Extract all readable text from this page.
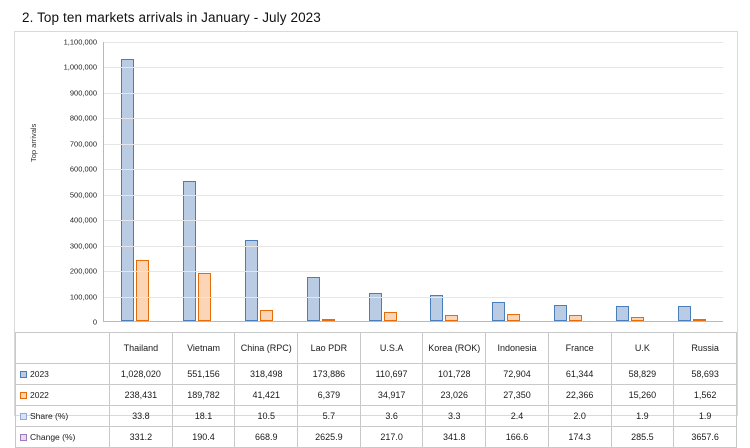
2. Top ten markets arrivals in January - July 2023
Top arrivals
0
100,000
200,000
300,000
400,000
500,000
600,000
700,000
800,000
900,000
1,000,000
1,100,000
	Thailand	Vietnam	China (RPC)	Lao PDR	U.S.A	Korea (ROK)	Indonesia	France	U.K	Russia
2023	1,028,020	551,156	318,498	173,886	110,697	101,728	72,904	61,344	58,829	58,693
2022	238,431	189,782	41,421	6,379	34,917	23,026	27,350	22,366	15,260	1,562
Share (%)	33.8	18.1	10.5	5.7	3.6	3.3	2.4	2.0	1.9	1.9
Change (%)	331.2	190.4	668.9	2625.9	217.0	341.8	166.6	174.3	285.5	3657.6
